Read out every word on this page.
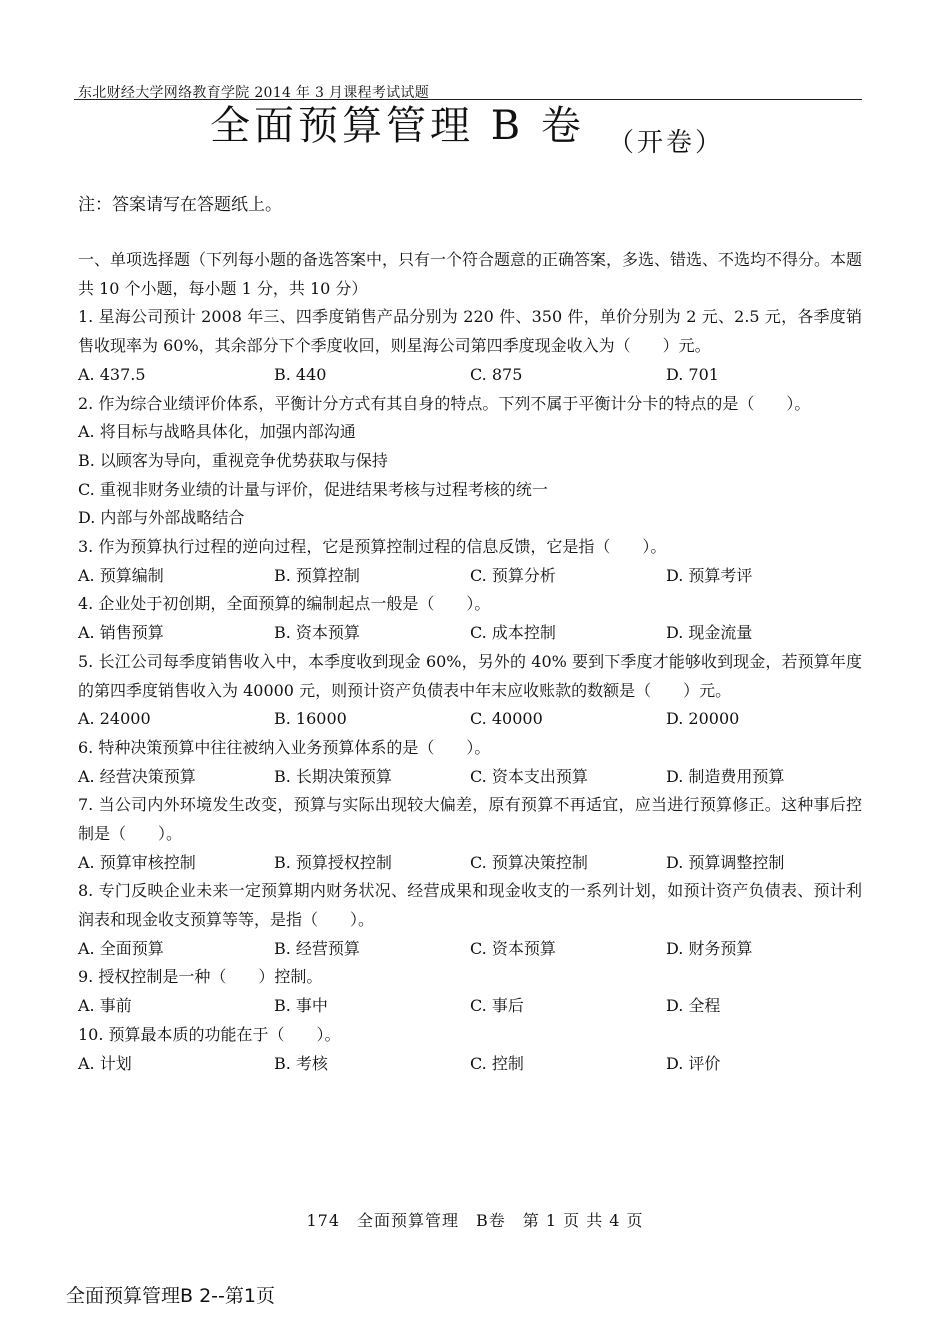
东北财经大学网络教育学院 2014 年 3 月课程考试试题
全面预算管理 B 卷 （开卷）
注：答案请写在答题纸上。

一、单项选择题（下列每小题的备选答案中，只有一个符合题意的正确答案，多选、错选、不选均不得分。本题共 10 个小题，每小题 1 分，共 10 分）

1. 星海公司预计 2008 年三、四季度销售产品分别为 220 件、350 件，单价分别为 2 元、2.5 元，各季度销售收现率为 60%，其余部分下个季度收回，则星海公司第四季度现金收入为（　　）元。

A. 437.5	B. 440	C. 875	D. 701

2. 作为综合业绩评价体系，平衡计分方式有其自身的特点。下列不属于平衡计分卡的特点的是（　　）。

A. 将目标与战略具体化，加强内部沟通

B. 以顾客为导向，重视竞争优势获取与保持

C. 重视非财务业绩的计量与评价，促进结果考核与过程考核的统一

D. 内部与外部战略结合

3. 作为预算执行过程的逆向过程，它是预算控制过程的信息反馈，它是指（　　）。

A. 预算编制	B. 预算控制	C. 预算分析	D. 预算考评

4. 企业处于初创期，全面预算的编制起点一般是（　　）。

A. 销售预算	B. 资本预算	C. 成本控制	D. 现金流量

5. 长江公司每季度销售收入中，本季度收到现金 60%，另外的 40% 要到下季度才能够收到现金，若预算年度的第四季度销售收入为 40000 元，则预计资产负债表中年末应收账款的数额是（　　）元。

A. 24000	B. 16000	C. 40000	D. 20000

6. 特种决策预算中往往被纳入业务预算体系的是（　　）。

A. 经营决策预算	B. 长期决策预算	C. 资本支出预算	D. 制造费用预算

7. 当公司内外环境发生改变，预算与实际出现较大偏差，原有预算不再适宜，应当进行预算修正。这种事后控制是（　　）。

A. 预算审核控制	B. 预算授权控制	C. 预算决策控制	D. 预算调整控制

8. 专门反映企业未来一定预算期内财务状况、经营成果和现金收支的一系列计划，如预计资产负债表、预计利润表和现金收支预算等等，是指（　　）。

A. 全面预算	B. 经营预算	C. 资本预算	D. 财务预算

9. 授权控制是一种（　　）控制。

A. 事前	B. 事中	C. 事后	D. 全程

10. 预算最本质的功能在于（　　）。

A. 计划	B. 考核	C. 控制	D. 评价
174　全面预算管理　B卷　第 1 页 共 4 页
全面预算管理B 2--第1页
